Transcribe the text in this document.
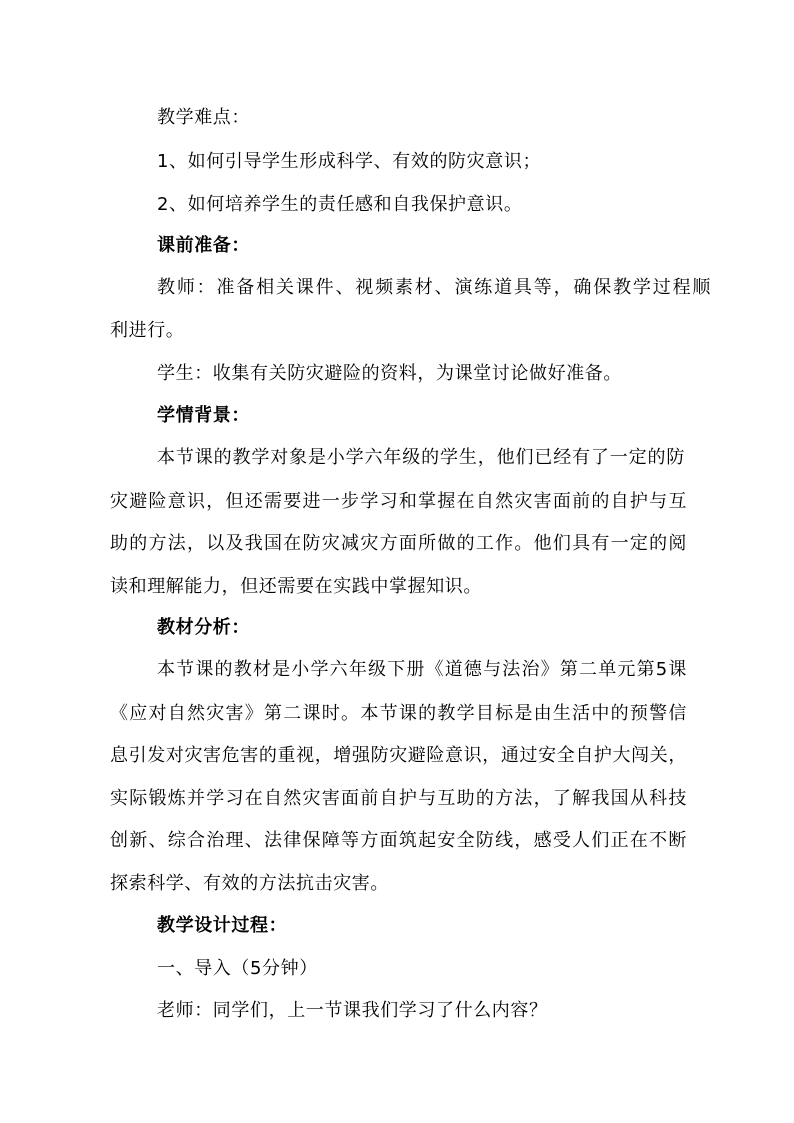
教学难点：
1、如何引导学生形成科学、有效的防灾意识；
2、如何培养学生的责任感和自我保护意识。
课前准备：
教师：准备相关课件、视频素材、演练道具等，确保教学过程顺
利进行。
学生：收集有关防灾避险的资料，为课堂讨论做好准备。
学情背景：
本节课的教学对象是小学六年级的学生，他们已经有了一定的防
灾避险意识，但还需要进一步学习和掌握在自然灾害面前的自护与互
助的方法，以及我国在防灾减灾方面所做的工作。他们具有一定的阅
读和理解能力，但还需要在实践中掌握知识。
教材分析：
本节课的教材是小学六年级下册《道德与法治》第二单元第5课
《应对自然灾害》第二课时。本节课的教学目标是由生活中的预警信
息引发对灾害危害的重视，增强防灾避险意识，通过安全自护大闯关，
实际锻炼并学习在自然灾害面前自护与互助的方法，了解我国从科技
创新、综合治理、法律保障等方面筑起安全防线，感受人们正在不断
探索科学、有效的方法抗击灾害。
教学设计过程：
一、导入（5分钟）
老师：同学们，上一节课我们学习了什么内容？
